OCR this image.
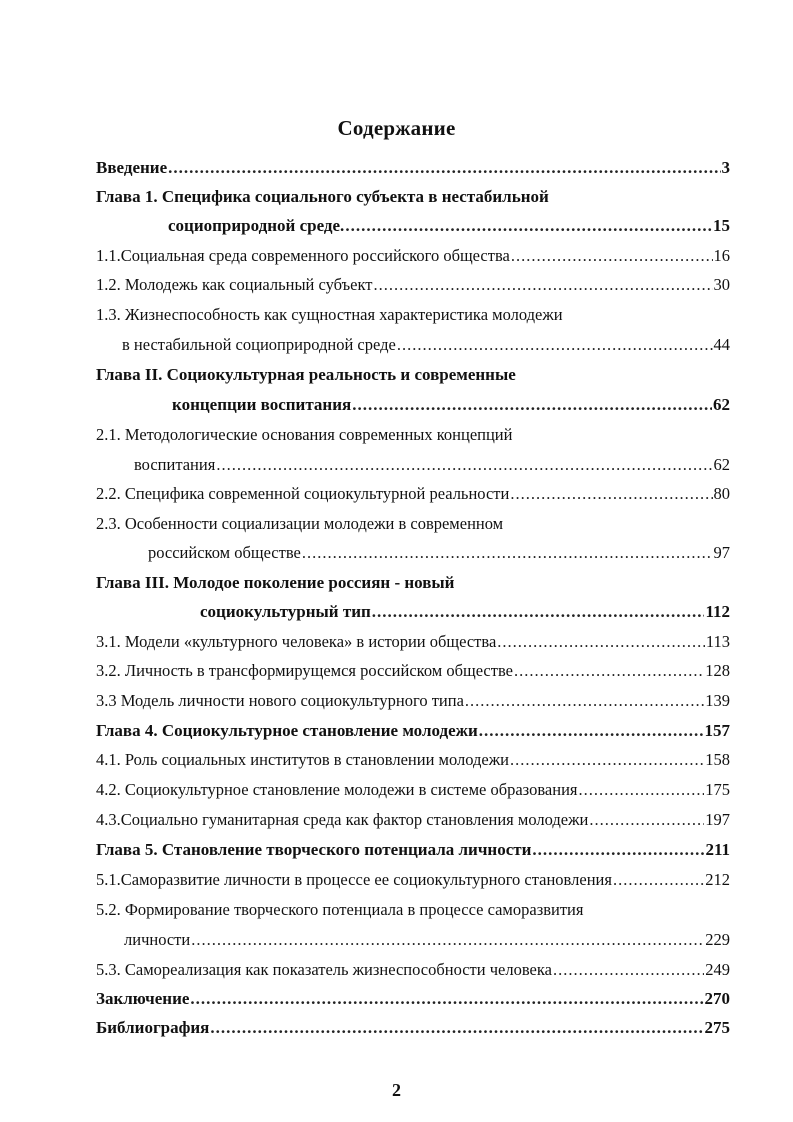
Содержание
Введение .....	3
Глава 1. Специфика социального субъекта в нестабильной
социоприродной среде. .....	15
1.1.Социальная среда современного российского общества .....	16
1.2. Молодежь как социальный субъект .....	30
1.3. Жизнеспособность как сущностная характеристика молодежи
в нестабильной социоприродной среде .....	44
Глава II. Социокультурная реальность и современные
концепции воспитания .....	62
2.1. Методологические основания современных концепций
воспитания .....	62
2.2. Специфика современной социокультурной реальности .....	80
2.3. Особенности социализации молодежи в современном
российском обществе .....	97
Глава III. Молодое поколение россиян - новый
социокультурный тип .....	112
3.1. Модели «культурного человека» в истории общества .....	113
3.2. Личность в трансформирущемся российском обществе .....	128
3.3 Модель личности нового социокультурного типа .....	139
Глава 4. Социокультурное становление молодежи .....	157
4.1. Роль социальных институтов в становлении молодежи .....	158
4.2. Социокультурное становление молодежи в системе образования .....	175
4.3.Социально гуманитарная среда как фактор становления молодежи .....	197
Глава 5. Становление творческого потенциала личности .....	211
5.1.Саморазвитие личности в процессе ее социокультурного становления .....	212
5.2. Формирование творческого потенциала в процессе саморазвития
личности .....	229
5.3. Самореализация как показатель жизнеспособности человека .....	249
Заключение .....	270
Библиография .....	275
2
